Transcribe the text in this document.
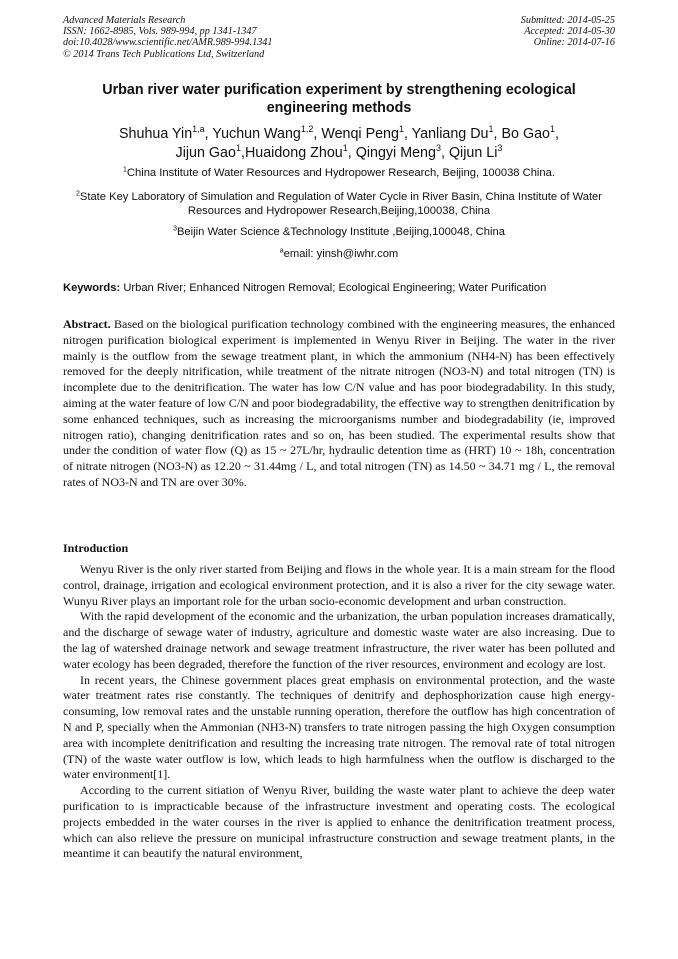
Advanced Materials Research
ISSN: 1662-8985, Vols. 989-994, pp 1341-1347
doi:10.4028/www.scientific.net/AMR.989-994.1341
© 2014 Trans Tech Publications Ltd, Switzerland
Submitted: 2014-05-25
Accepted: 2014-05-30
Online: 2014-07-16
Urban river water purification experiment by strengthening ecological engineering methods
Shuhua Yin$^{1,a}$, Yuchun Wang$^{1,2}$, Wenqi Peng$^1$, Yanliang Du$^1$, Bo Gao$^1$,
Jijun Gao$^1$,Huaidong Zhou$^1$, Qingyi Meng$^3$, Qijun Li$^3$
$^1$China Institute of Water Resources and Hydropower Research, Beijing, 100038 China.
$^2$State Key Laboratory of Simulation and Regulation of Water Cycle in River Basin, China Institute of Water Resources and Hydropower Research,Beijing,100038, China
$^3$Beijin Water Science &Technology Institute ,Beijing,100048, China
$^a$email: yinsh@iwhr.com
Keywords: Urban River; Enhanced Nitrogen Removal; Ecological Engineering; Water Purification
Abstract. Based on the biological purification technology combined with the engineering measures, the enhanced nitrogen purification biological experiment is implemented in Wenyu River in Beijing. The water in the river mainly is the outflow from the sewage treatment plant, in which the ammonium (NH4-N) has been effectively removed for the deeply nitrification, while treatment of the nitrate nitrogen (NO3-N) and total nitrogen (TN) is incomplete due to the denitrification. The water has low C/N value and has poor biodegradability. In this study, aiming at the water feature of low C/N and poor biodegradability, the effective way to strengthen denitrification by some enhanced techniques, such as increasing the microorganisms number and biodegradability (ie, improved nitrogen ratio), changing denitrification rates and so on, has been studied. The experimental results show that under the condition of water flow (Q) as 15 ~ 27L/hr, hydraulic detention time as (HRT) 10 ~ 18h, concentration of nitrate nitrogen (NO3-N) as 12.20 ~ 31.44mg / L, and total nitrogen (TN) as 14.50 ~ 34.71 mg / L, the removal rates of NO3-N and TN are over 30%.
Introduction

Wenyu River is the only river started from Beijing and flows in the whole year. It is a main stream for the flood control, drainage, irrigation and ecological environment protection, and it is also a river for the city sewage water. Wunyu River plays an important role for the urban socio-economic development and urban construction.

With the rapid development of the economic and the urbanization, the urban population increases dramatically, and the discharge of sewage water of industry, agriculture and domestic waste water are also increasing. Due to the lag of watershed drainage network and sewage treatment infrastructure, the river water has been polluted and water ecology has been degraded, therefore the function of the river resources, environment and ecology are lost.

In recent years, the Chinese government places great emphasis on environmental protection, and the waste water treatment rates rise constantly. The techniques of denitrify and dephosphorization cause high energy-consuming, low removal rates and the unstable running operation, therefore the outflow has high concentration of N and P, specially when the Ammonian (NH3-N) transfers to trate nitrogen passing the high Oxygen consumption area with incomplete denitrification and resulting the increasing trate nitrogen. The removal rate of total nitrogen (TN) of the waste water outflow is low, which leads to high harmfulness when the outflow is discharged to the water environment[1].

According to the current sitiation of Wenyu River, building the waste water plant to achieve the deep water purification to is impracticable because of the infrastructure investment and operating costs. The ecological projects embedded in the water courses in the river is applied to enhance the denitrification treatment process, which can also relieve the pressure on municipal infrastructure construction and sewage treatment plants, in the meantime it can beautify the natural environment,
